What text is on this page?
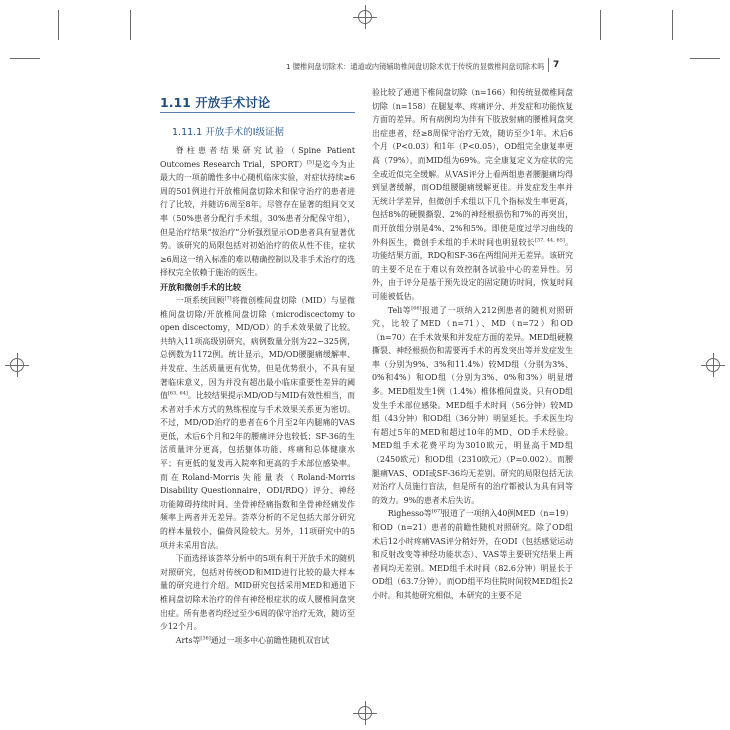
1 腰椎间盘切除术：通道或内镜辅助椎间盘切除术优于传统的显微椎间盘切除术吗 7
1.11 开放手术讨论
1.11.1 开放手术的Ⅰ级证据

脊柱患者结果研究试验（Spine Patient Outcomes Research Trial，SPORT）[5]是迄今为止最大的一项前瞻性多中心随机临床实验，对症状持续≥6周的501例进行开放椎间盘切除术和保守治疗的患者进行了比较，并随访6周至8年。尽管存在显著的组间交叉率（50%患者分配行手术组，30%患者分配保守组），但是治疗结果“按治疗”分析强烈显示OD患者具有显著优势。该研究的局限包括对初始治疗的依从性不佳，症状≥6周这一纳入标准的难以精确控制以及非手术治疗的选择权完全依赖于施治的医生。

开放和微创手术的比较

一项系统回顾[7]将微创椎间盘切除（MID）与显微椎间盘切除/开放椎间盘切除（microdiscectomy to open discectomy，MD/OD）的手术效果做了比较。共纳入11项高级别研究，病例数量分别为22~325例，总例数为1172例。统计显示，MD/OD腰腿痛缓解率、并发症、生活质量更有优势，但是优势很小，不具有显著临床意义，因为并没有超出最小临床重要性差异的阈值[63, 64]。比较结果提示MD/OD与MID有效性相当，而术者对手术方式的熟练程度与手术效果关系更为密切。不过，MD/OD治疗的患者在6个月至2年内腿痛的VAS更低，术后6个月和2年的腰痛评分也较低；SF-36的生活质量评分更高，包括躯体功能、疼痛和总体健康水平；有更低的复发再入院率和更高的手术部位感染率。而在Roland-Morris失能量表（Roland-Morris Disability Questionnaire，ODI/RDQ）评分、神经功能障碍持续时间、坐骨神经痛指数和坐骨神经痛发作频率上两者并无差异。荟萃分析的不足包括大部分研究的样本量较小、偏倚风险较大。另外，11项研究中的5项并未采用盲法。

下面选择该荟萃分析中的5项有利于开放手术的随机对照研究，包括对传统OD和MID进行比较的最大样本量的研究进行介绍。MID研究包括采用MED和通道下椎间盘切除术治疗的伴有神经根症状的成人腰椎间盘突出症。所有患者均经过至少6周的保守治疗无效，随访至少12个月。

Arts等[36]通过一项多中心前瞻性随机双盲试

验比较了通道下椎间盘切除（n=166）和传统显微椎间盘切除（n=158）在腿复率、疼痛评分、并发症和功能恢复方面的差异。所有病例均为伴有下肢放射痛的腰椎间盘突出症患者，经≥8周保守治疗无效，随访至少1年。术后6个月（P<0.03）和1年（P<0.05），OD组完全康复率更高（79%），而MID组为69%。完全康复定义为症状的完全或近似完全缓解。从VAS评分上看两组患者腰腿痛均得到显著缓解，而OD组腰腿痛缓解更佳。并发症发生率并无统计学差异，但微创手术组以下几个指标发生率更高，包括8%的硬膜撕裂、2%的神经根损伤和7%的再突出，而开放组分别是4%、2%和5%。即使是度过学习曲线的外科医生，微创手术组的手术时间也明显较长[37, 44, 65]。功能结果方面，RDQ和SF-36在两组间并无差异。该研究的主要不足在于难以有效控制各试验中心的差异性。另外，由于评分是基于预先设定的固定随访时间，恢复时间可能被低估。

Teli等[66]报道了一项纳入212例患者的随机对照研究，比较了MED（n=71）、MD（n=72）和OD（n=70）在手术效果和并发症方面的差异。MED组硬膜撕裂、神经根损伤和需要再手术的再发突出等并发症发生率（分别为9%、3%和11.4%）较MD组（分别为3%、0%和4%）和OD组（分别为3%、0%和3%）明显增多。MED组发生1例（1.4%）椎体椎间盘炎。只有OD组发生手术部位感染。MED组手术时间（56分钟）较MD组（43分钟）和OD组（36分钟）明显延长。手术医生均有超过5年的MED和超过10年的MD、OD手术经验。MED组手术花费平均为3010欧元，明显高于MD组（2450欧元）和OD组（2310欧元）（P=0.002）。而腰腿痛VAS、ODI或SF-36均无差别。研究的局限包括无法对治疗人员施行盲法，但是所有的治疗都被认为具有同等的效力。9%的患者术后失访。

Righesso等[67]报道了一项纳入40例MED（n=19）和OD（n=21）患者的前瞻性随机对照研究。除了OD组术后12小时疼痛VAS评分稍好外，在ODI（包括感觉运动和反射改变等神经功能状态）、VAS等主要研究结果上两者间均无差别。MED组手术时间（82.6分钟）明显长于OD组（63.7分钟）。而OD组平均住院时间较MED组长2小时。和其他研究相似，本研究的主要不足
